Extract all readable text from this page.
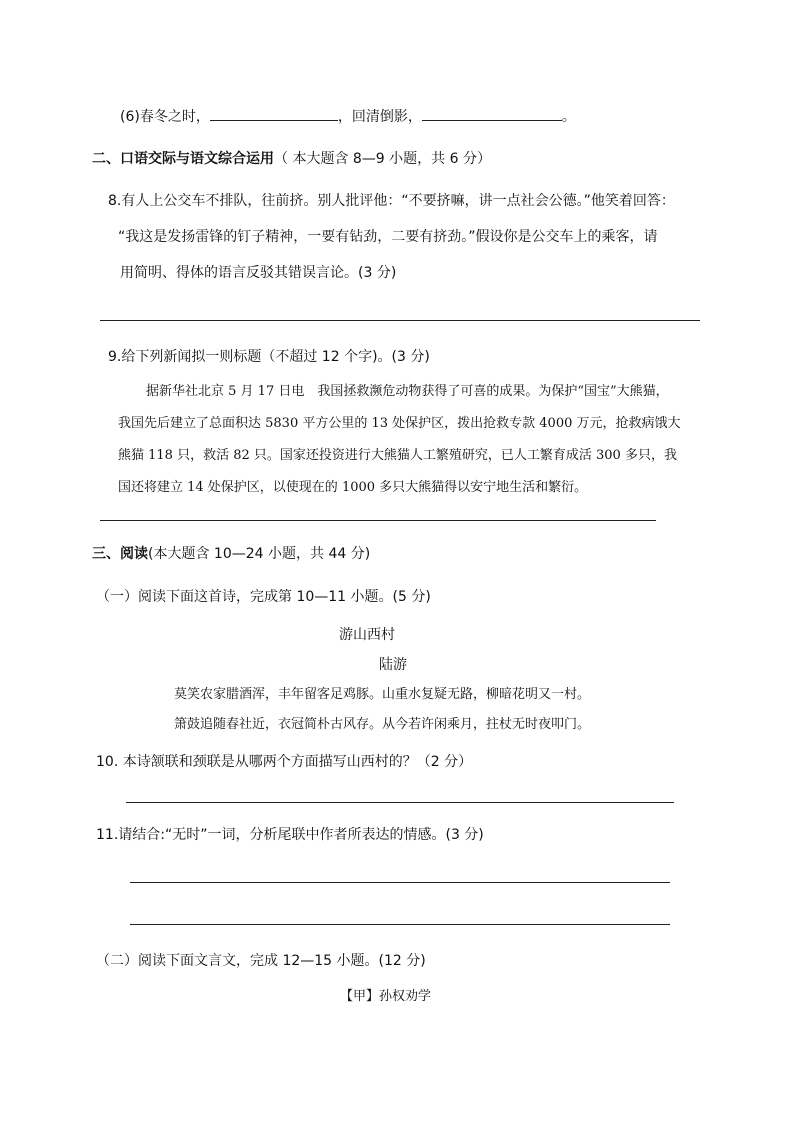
(6)春冬之时，	，回清倒影，	。
二、口语交际与语文综合运用（ 本大题含 8—9 小题，共 6 分）
8.有人上公交车不排队，往前挤。别人批评他：“不要挤嘛，讲一点社会公德。”他笑着回答：
“我这是发扬雷锋的钉子精神，一要有钻劲，二要有挤劲。”假设你是公交车上的乘客，请
用简明、得体的语言反驳其错误言论。(3 分)
9.给下列新闻拟一则标题（不超过 12 个字)。(3 分)
据新华社北京 5 月 17 日电　我国拯救濒危动物获得了可喜的成果。为保护“国宝”大熊猫，
我国先后建立了总面积达 5830 平方公里的 13 处保护区，拨出抢救专款 4000 万元，抢救病饿大
熊猫 118 只，救活 82 只。国家还投资进行大熊猫人工繁殖研究，已人工繁育成活 300 多只，我
国还将建立 14 处保护区，以使现在的 1000 多只大熊猫得以安宁地生活和繁衍。
三、阅读(本大题含 10—24 小题，共 44 分)
（一）阅读下面这首诗，完成第 10—11 小题。(5 分)
游山西村
陆游
莫笑农家腊酒浑，丰年留客足鸡豚。山重水复疑无路，柳暗花明又一村。
箫鼓追随春社近，衣冠简朴古风存。从今若许闲乘月，拄杖无时夜叩门。
10. 本诗颔联和颈联是从哪两个方面描写山西村的？（2 分）
11.请结合:“无时”一词，分析尾联中作者所表达的情感。(3 分)
（二）阅读下面文言文，完成 12—15 小题。(12 分)
【甲】孙权劝学
